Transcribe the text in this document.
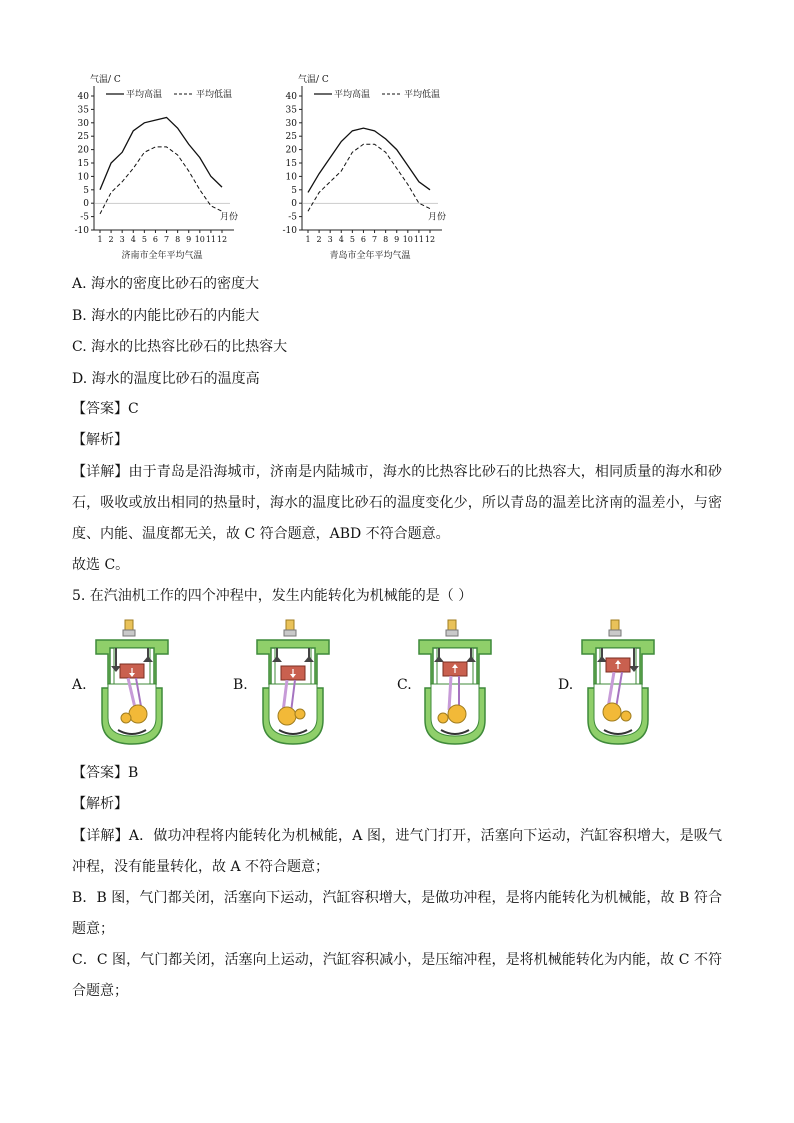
40
35
30
25
20
15
10
5
0
-5
-10
1 2 3 4 5 6 7 8 9 10 11 12
气温/ C
月份
平均高温	平均低温
济南市全年平均气温
40
35
30
25
20
15
10
5
0
-5
-10
1 2 3 4 5 6 7 8 9 10 11 12
气温/ C
月份
平均高温	平均低温
青岛市全年平均气温
A. 海水的密度比砂石的密度大
B. 海水的内能比砂石的内能大
C. 海水的比热容比砂石的比热容大
D. 海水的温度比砂石的温度高
【答案】C
【解析】
【详解】由于青岛是沿海城市，济南是内陆城市，海水的比热容比砂石的比热容大，相同质量的海水和砂石，吸收或放出相同的热量时，海水的温度比砂石的温度变化少，所以青岛的温差比济南的温差小，与密度、内能、温度都无关，故 C 符合题意，ABD 不符合题意。
故选 C。
5. 在汽油机工作的四个冲程中，发生内能转化为机械能的是（ ）
A.	B.	C.	D.
【答案】B
【解析】
【详解】A．做功冲程将内能转化为机械能，A 图，进气门打开，活塞向下运动，汽缸容积增大，是吸气冲程，没有能量转化，故 A 不符合题意；
B．B 图，气门都关闭，活塞向下运动，汽缸容积增大，是做功冲程，是将内能转化为机械能，故 B 符合题意；
C．C 图，气门都关闭，活塞向上运动，汽缸容积减小，是压缩冲程，是将机械能转化为内能，故 C 不符合题意；
